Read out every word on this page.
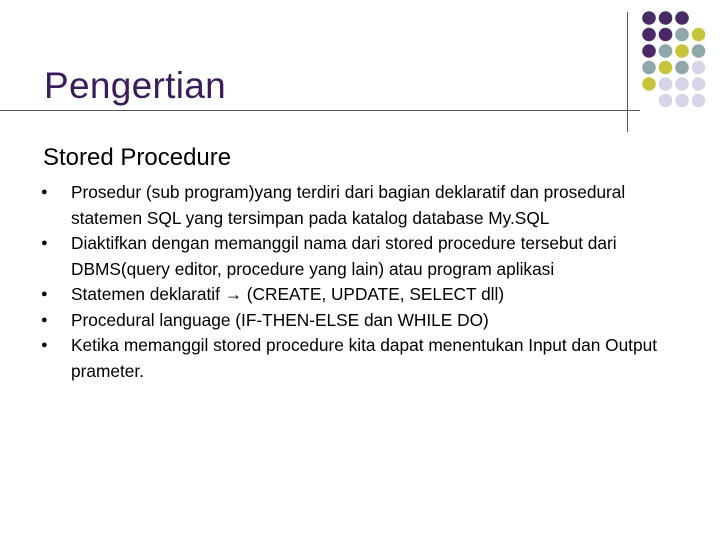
Pengertian
Stored Procedure
● Prosedur (sub program)yang terdiri dari bagian deklaratif dan prosedural statemen SQL yang tersimpan pada katalog database My.SQL
● Diaktifkan dengan memanggil nama dari stored procedure tersebut dari DBMS(query editor, procedure yang lain) atau program aplikasi
● Statemen deklaratif → (CREATE, UPDATE, SELECT dll)
● Procedural language (IF-THEN-ELSE dan WHILE DO)
● Ketika memanggil stored procedure kita dapat menentukan Input dan Output prameter.
